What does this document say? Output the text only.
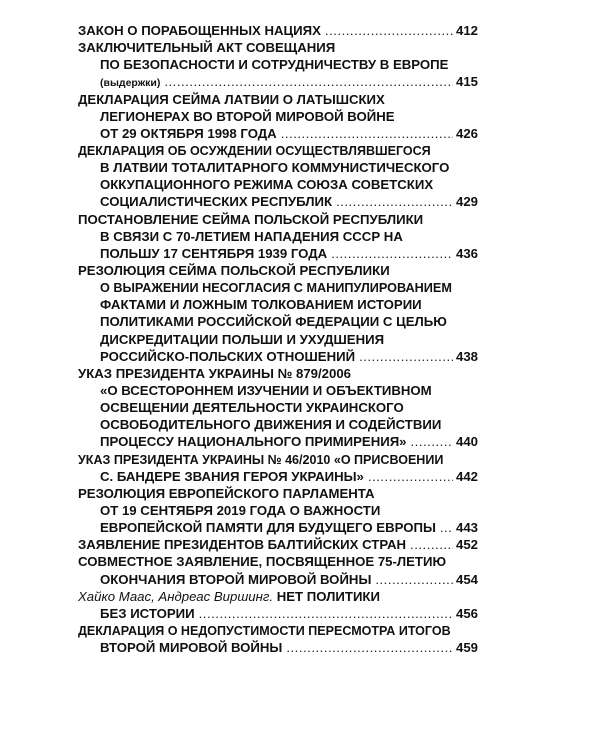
ЗАКОН О ПОРАБОЩЕННЫХ НАЦИЯХ .....	412
ЗАКЛЮЧИТЕЛЬНЫЙ АКТ СОВЕЩАНИЯ
ПО БЕЗОПАСНОСТИ И СОТРУДНИЧЕСТВУ В ЕВРОПЕ
(выдержки) .....	415
ДЕКЛАРАЦИЯ СЕЙМА ЛАТВИИ О ЛАТЫШСКИХ
ЛЕГИОНЕРАХ ВО ВТОРОЙ МИРОВОЙ ВОЙНЕ
ОТ 29 ОКТЯБРЯ 1998 ГОДА .....	426
ДЕКЛАРАЦИЯ ОБ ОСУЖДЕНИИ ОСУЩЕСТВЛЯВШЕГОСЯ
В ЛАТВИИ ТОТАЛИТАРНОГО КОММУНИСТИЧЕСКОГО
ОККУПАЦИОННОГО РЕЖИМА СОЮЗА СОВЕТСКИХ
СОЦИАЛИСТИЧЕСКИХ РЕСПУБЛИК .....	429
ПОСТАНОВЛЕНИЕ СЕЙМА ПОЛЬСКОЙ РЕСПУБЛИКИ
В СВЯЗИ С 70-ЛЕТИЕМ НАПАДЕНИЯ СССР НА
ПОЛЬШУ 17 СЕНТЯБРЯ 1939 ГОДА .....	436
РЕЗОЛЮЦИЯ СЕЙМА ПОЛЬСКОЙ РЕСПУБЛИКИ
О ВЫРАЖЕНИИ НЕСОГЛАСИЯ С МАНИПУЛИРОВАНИЕМ
ФАКТАМИ И ЛОЖНЫМ ТОЛКОВАНИЕМ ИСТОРИИ
ПОЛИТИКАМИ РОССИЙСКОЙ ФЕДЕРАЦИИ С ЦЕЛЬЮ
ДИСКРЕДИТАЦИИ ПОЛЬШИ И УХУДШЕНИЯ
РОССИЙСКО-ПОЛЬСКИХ ОТНОШЕНИЙ .....	438
УКАЗ ПРЕЗИДЕНТА УКРАИНЫ № 879/2006
«О ВСЕСТОРОННЕМ ИЗУЧЕНИИ И ОБЪЕКТИВНОМ
ОСВЕЩЕНИИ ДЕЯТЕЛЬНОСТИ УКРАИНСКОГО
ОСВОБОДИТЕЛЬНОГО ДВИЖЕНИЯ И СОДЕЙСТВИИ
ПРОЦЕССУ НАЦИОНАЛЬНОГО ПРИМИРЕНИЯ» .....	440
УКАЗ ПРЕЗИДЕНТА УКРАИНЫ № 46/2010 «О ПРИСВОЕНИИ
С. БАНДЕРЕ ЗВАНИЯ ГЕРОЯ УКРАИНЫ» .....	442
РЕЗОЛЮЦИЯ ЕВРОПЕЙСКОГО ПАРЛАМЕНТА
ОТ 19 СЕНТЯБРЯ 2019 ГОДА О ВАЖНОСТИ
ЕВРОПЕЙСКОЙ ПАМЯТИ ДЛЯ БУДУЩЕГО ЕВРОПЫ ..... 443
ЗАЯВЛЕНИЕ ПРЕЗИДЕНТОВ БАЛТИЙСКИХ СТРАН .....	452
СОВМЕСТНОЕ ЗАЯВЛЕНИЕ, ПОСВЯЩЕННОЕ 75-ЛЕТИЮ
ОКОНЧАНИЯ ВТОРОЙ МИРОВОЙ ВОЙНЫ .....	454
Хайко Маас, Андреас Виршинг. НЕТ ПОЛИТИКИ
БЕЗ ИСТОРИИ .....	456
ДЕКЛАРАЦИЯ О НЕДОПУСТИМОСТИ ПЕРЕСМОТРА ИТОГОВ
ВТОРОЙ МИРОВОЙ ВОЙНЫ .....	459
